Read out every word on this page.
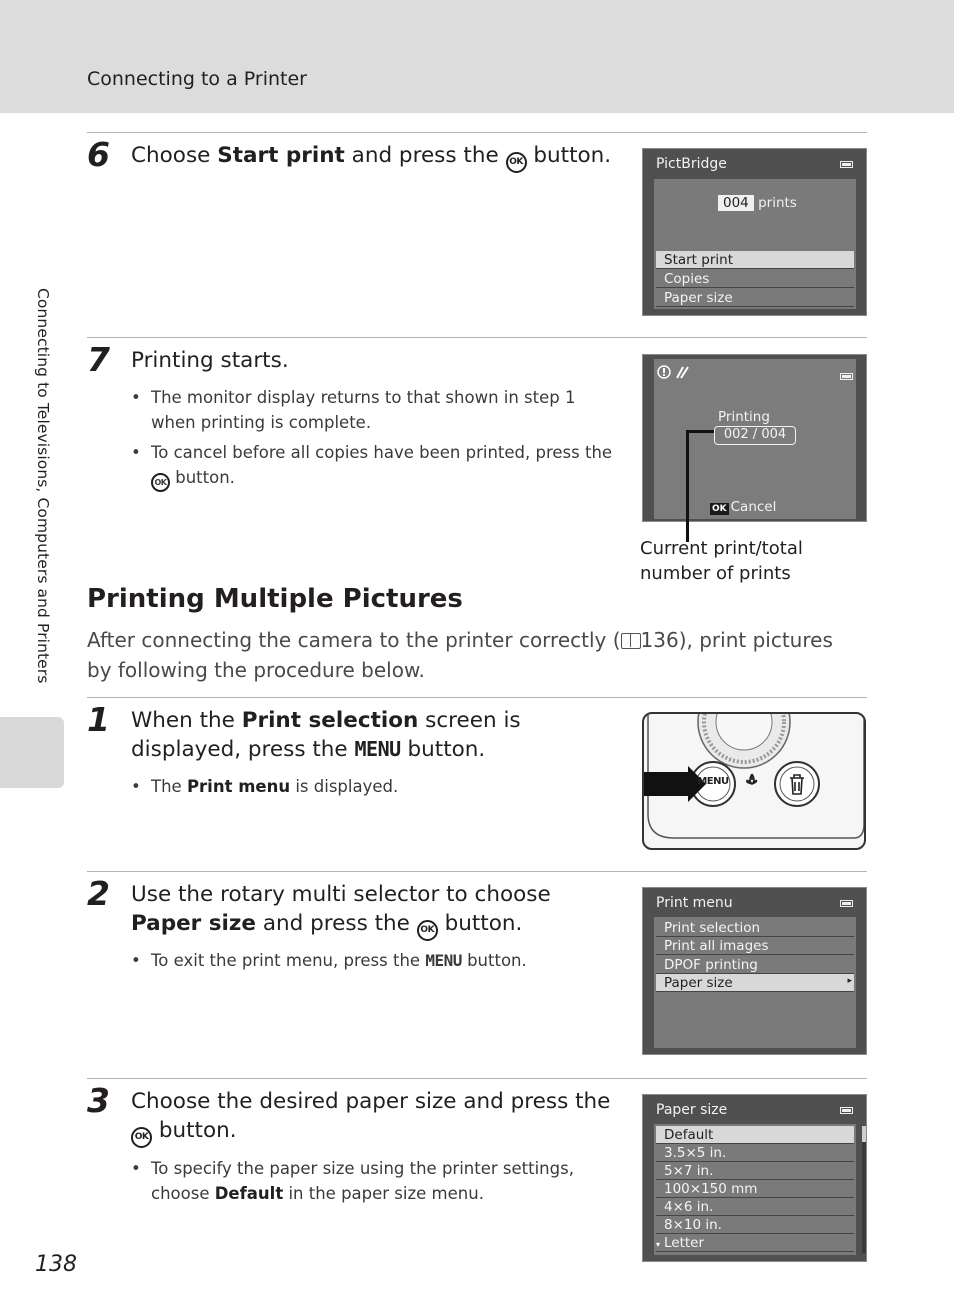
Connecting to a Printer
Connecting to Televisions, Computers and Printers
6 Choose Start print and press the OK button.	PictBridge
004 prints
Start print
Copies
Paper size
7 Printing starts.
• The monitor display returns to that shown in step 1 when printing is complete.
• To cancel before all copies have been printed, press the OK button.
Printing
002 / 004
OK Cancel
Current print/total
number of prints
Printing Multiple Pictures
After connecting the camera to the printer correctly ( 136), print pictures by following the procedure below.
1 When the Print selection screen is displayed, press the MENU button.
• The Print menu is displayed.	MENU
2 Use the rotary multi selector to choose Paper size and press the OK button.
• To exit the print menu, press the MENU button.
Print menu
Print selection
Print all images
DPOF printing
Paper size	▸
3 Choose the desired paper size and press the OK button.
• To specify the paper size using the printer settings, choose Default in the paper size menu.
Paper size
Default
3.5×5 in.
5×7 in.
100×150 mm
4×6 in.
8×10 in.
Letter
▾
138
